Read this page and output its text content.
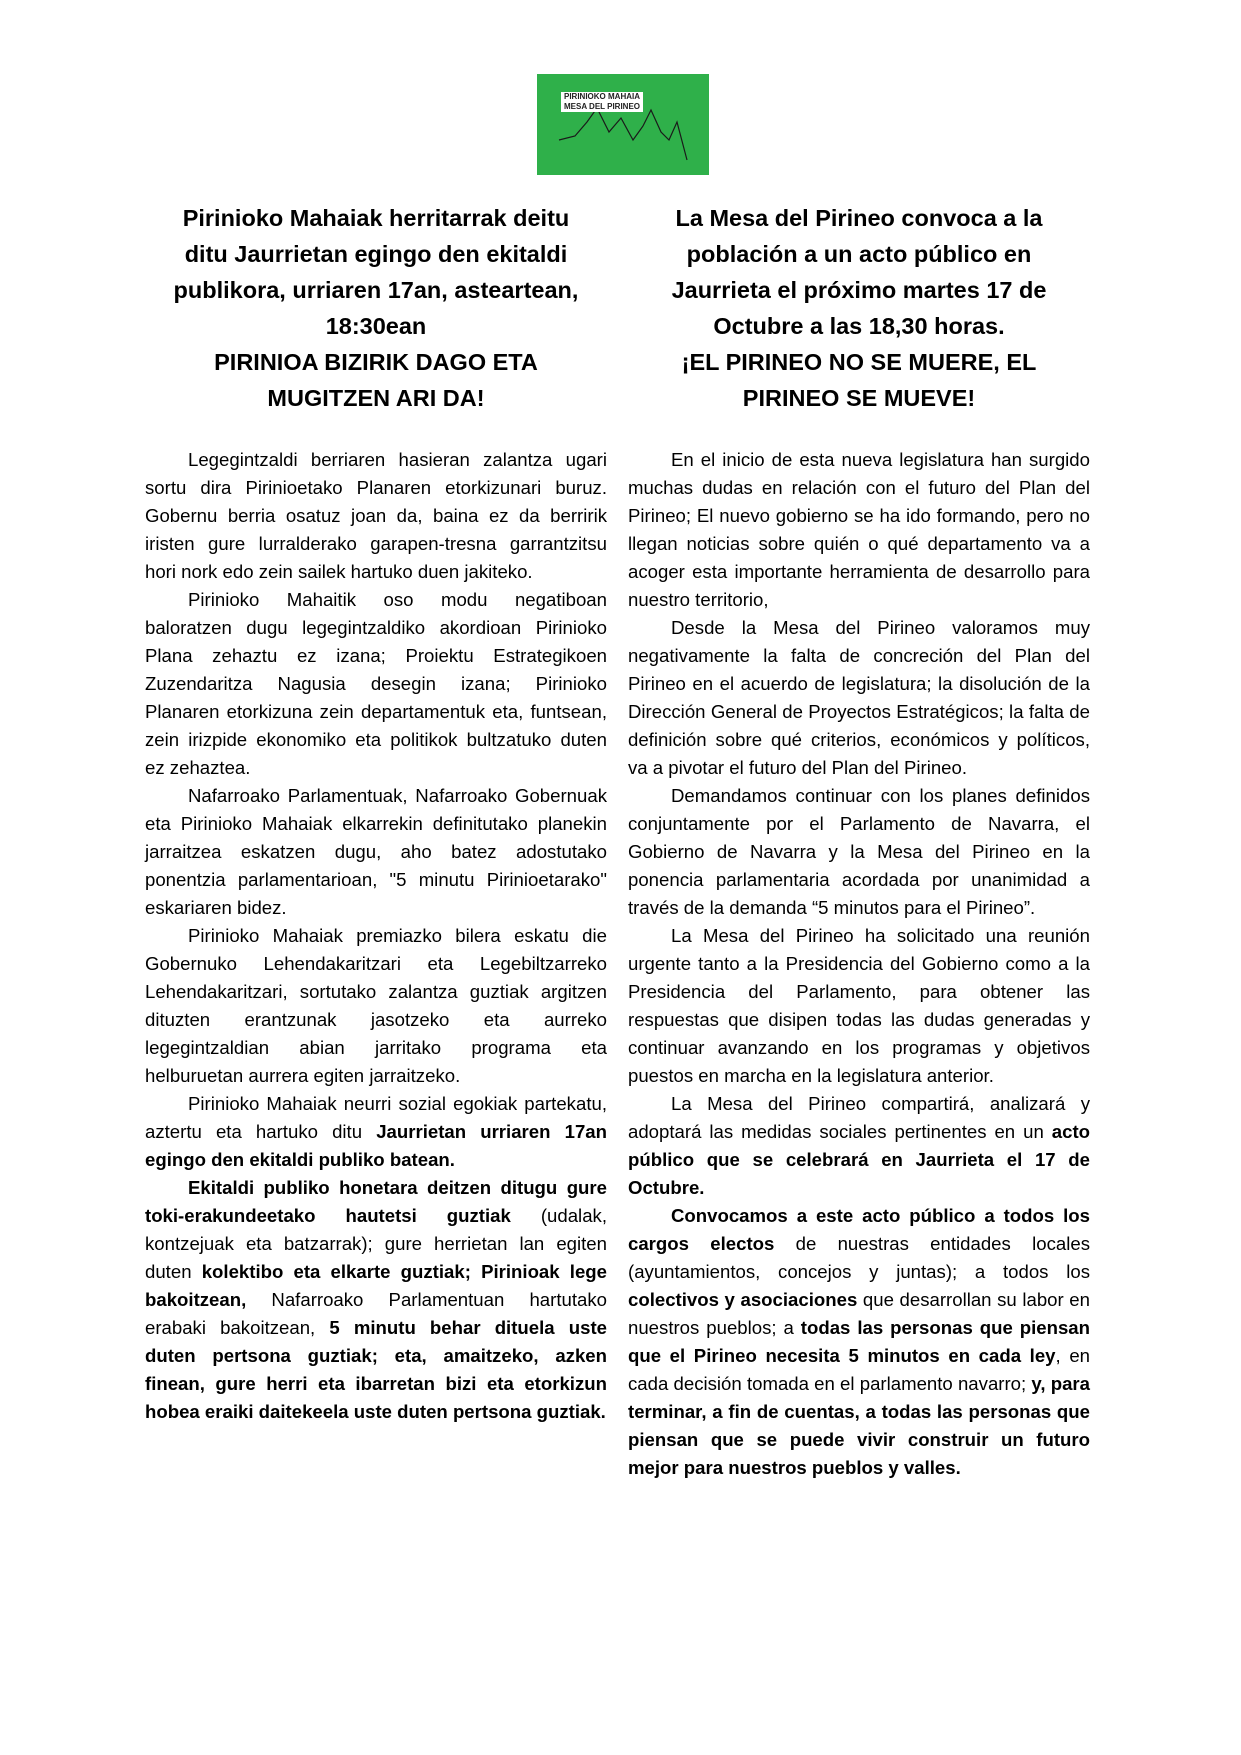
PIRINIOKO MAHAIA
MESA DEL PIRINEO
Pirinioko Mahaiak herritarrak deitu
ditu Jaurrietan egingo den ekitaldi
publikora, urriaren 17an, asteartean,
18:30ean
PIRINIOA BIZIRIK DAGO ETA
MUGITZEN ARI DA!
La Mesa del Pirineo convoca a la
población a un acto público en
Jaurrieta el próximo martes 17 de
Octubre a las 18,30 horas.
¡EL PIRINEO NO SE MUERE, EL
PIRINEO SE MUEVE!

Legegintzaldi berriaren hasieran zalantza ugari sortu dira Pirinioetako Planaren etorkizunari buruz. Gobernu berria osatuz joan da, baina ez da berririk iristen gure lurralderako garapen-tresna garrantzitsu hori nork edo zein sailek hartuko duen jakiteko.

Pirinioko Mahaitik oso modu negatiboan baloratzen dugu legegintzaldiko akordioan Pirinioko Plana zehaztu ez izana; Proiektu Estrategikoen Zuzendaritza Nagusia desegin izana; Pirinioko Planaren etorkizuna zein departamentuk eta, funtsean, zein irizpide ekonomiko eta politikok bultzatuko duten ez zehaztea.

Nafarroako Parlamentuak, Nafarroako Gobernuak eta Pirinioko Mahaiak elkarrekin definitutako planekin jarraitzea eskatzen dugu, aho batez adostutako ponentzia parlamentarioan, "5 minutu Pirinioetarako" eskariaren bidez.

Pirinioko Mahaiak premiazko bilera eskatu die Gobernuko Lehendakaritzari eta Legebiltzarreko Lehendakaritzari, sortutako zalantza guztiak argitzen dituzten erantzunak jasotzeko eta aurreko legegintzaldian abian jarritako programa eta helburuetan aurrera egiten jarraitzeko.

Pirinioko Mahaiak neurri sozial egokiak partekatu, aztertu eta hartuko ditu Jaurrietan urriaren 17an egingo den ekitaldi publiko batean.

Ekitaldi publiko honetara deitzen ditugu gure toki-erakundeetako hautetsi guztiak (udalak, kontzejuak eta batzarrak); gure herrietan lan egiten duten kolektibo eta elkarte guztiak; Pirinioak lege bakoitzean, Nafarroako Parlamentuan hartutako erabaki bakoitzean, 5 minutu behar dituela uste duten pertsona guztiak; eta, amaitzeko, azken finean, gure herri eta ibarretan bizi eta etorkizun hobea eraiki daitekeela uste duten pertsona guztiak.

En el inicio de esta nueva legislatura han surgido muchas dudas en relación con el futuro del Plan del Pirineo; El nuevo gobierno se ha ido formando, pero no llegan noticias sobre quién o qué departamento va a acoger esta importante herramienta de desarrollo para nuestro territorio,

Desde la Mesa del Pirineo valoramos muy negativamente la falta de concreción del Plan del Pirineo en el acuerdo de legislatura; la disolución de la Dirección General de Proyectos Estratégicos; la falta de definición sobre qué criterios, económicos y políticos, va a pivotar el futuro del Plan del Pirineo.

Demandamos continuar con los planes definidos conjuntamente por el Parlamento de Navarra, el Gobierno de Navarra y la Mesa del Pirineo en la ponencia parlamentaria acordada por unanimidad a través de la demanda “5 minutos para el Pirineo”.

La Mesa del Pirineo ha solicitado una reunión urgente tanto a la Presidencia del Gobierno como a la Presidencia del Parlamento, para obtener las respuestas que disipen todas las dudas generadas y continuar avanzando en los programas y objetivos puestos en marcha en la legislatura anterior.

La Mesa del Pirineo compartirá, analizará y adoptará las medidas sociales pertinentes en un acto público que se celebrará en Jaurrieta el 17 de Octubre.

Convocamos a este acto público a todos los cargos electos de nuestras entidades locales (ayuntamientos, concejos y juntas); a todos los colectivos y asociaciones que desarrollan su labor en nuestros pueblos; a todas las personas que piensan que el Pirineo necesita 5 minutos en cada ley, en cada decisión tomada en el parlamento navarro; y, para terminar, a fin de cuentas, a todas las personas que piensan que se puede vivir construir un futuro mejor para nuestros pueblos y valles.
